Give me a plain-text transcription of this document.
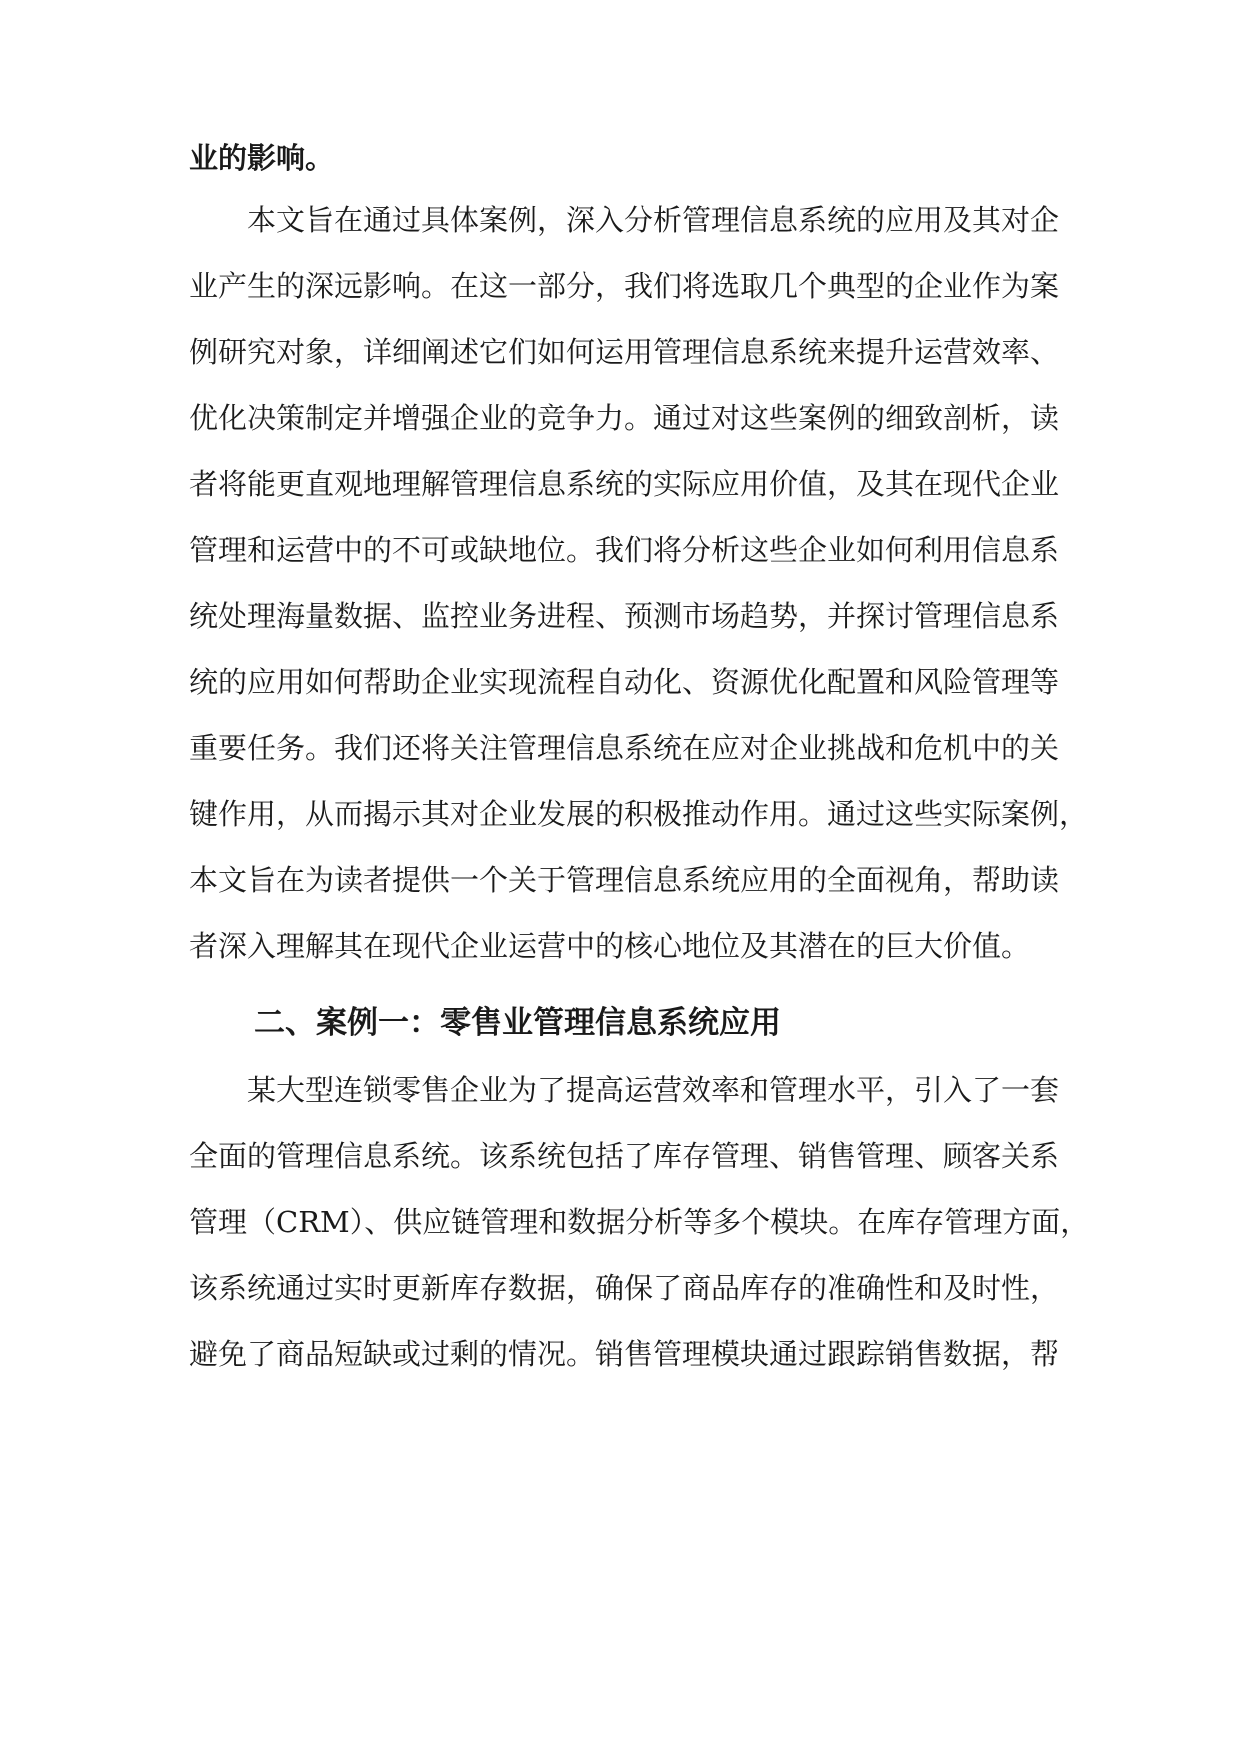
业的影响。
　　本文旨在通过具体案例，深入分析管理信息系统的应用及其对企
业产生的深远影响。在这一部分，我们将选取几个典型的企业作为案
例研究对象，详细阐述它们如何运用管理信息系统来提升运营效率、
优化决策制定并增强企业的竞争力。通过对这些案例的细致剖析，读
者将能更直观地理解管理信息系统的实际应用价值，及其在现代企业
管理和运营中的不可或缺地位。我们将分析这些企业如何利用信息系
统处理海量数据、监控业务进程、预测市场趋势，并探讨管理信息系
统的应用如何帮助企业实现流程自动化、资源优化配置和风险管理等
重要任务。我们还将关注管理信息系统在应对企业挑战和危机中的关
键作用，从而揭示其对企业发展的积极推动作用。通过这些实际案例，
本文旨在为读者提供一个关于管理信息系统应用的全面视角，帮助读
者深入理解其在现代企业运营中的核心地位及其潜在的巨大价值。
二、案例一：零售业管理信息系统应用
　　某大型连锁零售企业为了提高运营效率和管理水平，引入了一套
全面的管理信息系统。该系统包括了库存管理、销售管理、顾客关系
管理（CRM）、供应链管理和数据分析等多个模块。在库存管理方面，
该系统通过实时更新库存数据，确保了商品库存的准确性和及时性，
避免了商品短缺或过剩的情况。销售管理模块通过跟踪销售数据，帮
